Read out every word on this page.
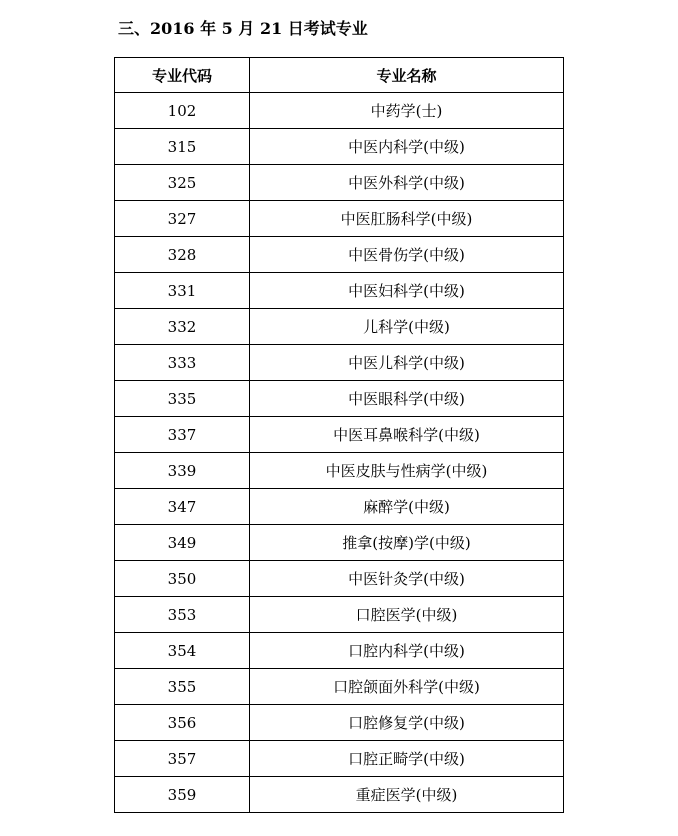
三、2016 年 5 月 21 日考试专业
专业代码	专业名称
102	中药学(士)
315	中医内科学(中级)
325	中医外科学(中级)
327	中医肛肠科学(中级)
328	中医骨伤学(中级)
331	中医妇科学(中级)
332	儿科学(中级)
333	中医儿科学(中级)
335	中医眼科学(中级)
337	中医耳鼻喉科学(中级)
339	中医皮肤与性病学(中级)
347	麻醉学(中级)
349	推拿(按摩)学(中级)
350	中医针灸学(中级)
353	口腔医学(中级)
354	口腔内科学(中级)
355	口腔颌面外科学(中级)
356	口腔修复学(中级)
357	口腔正畸学(中级)
359	重症医学(中级)
